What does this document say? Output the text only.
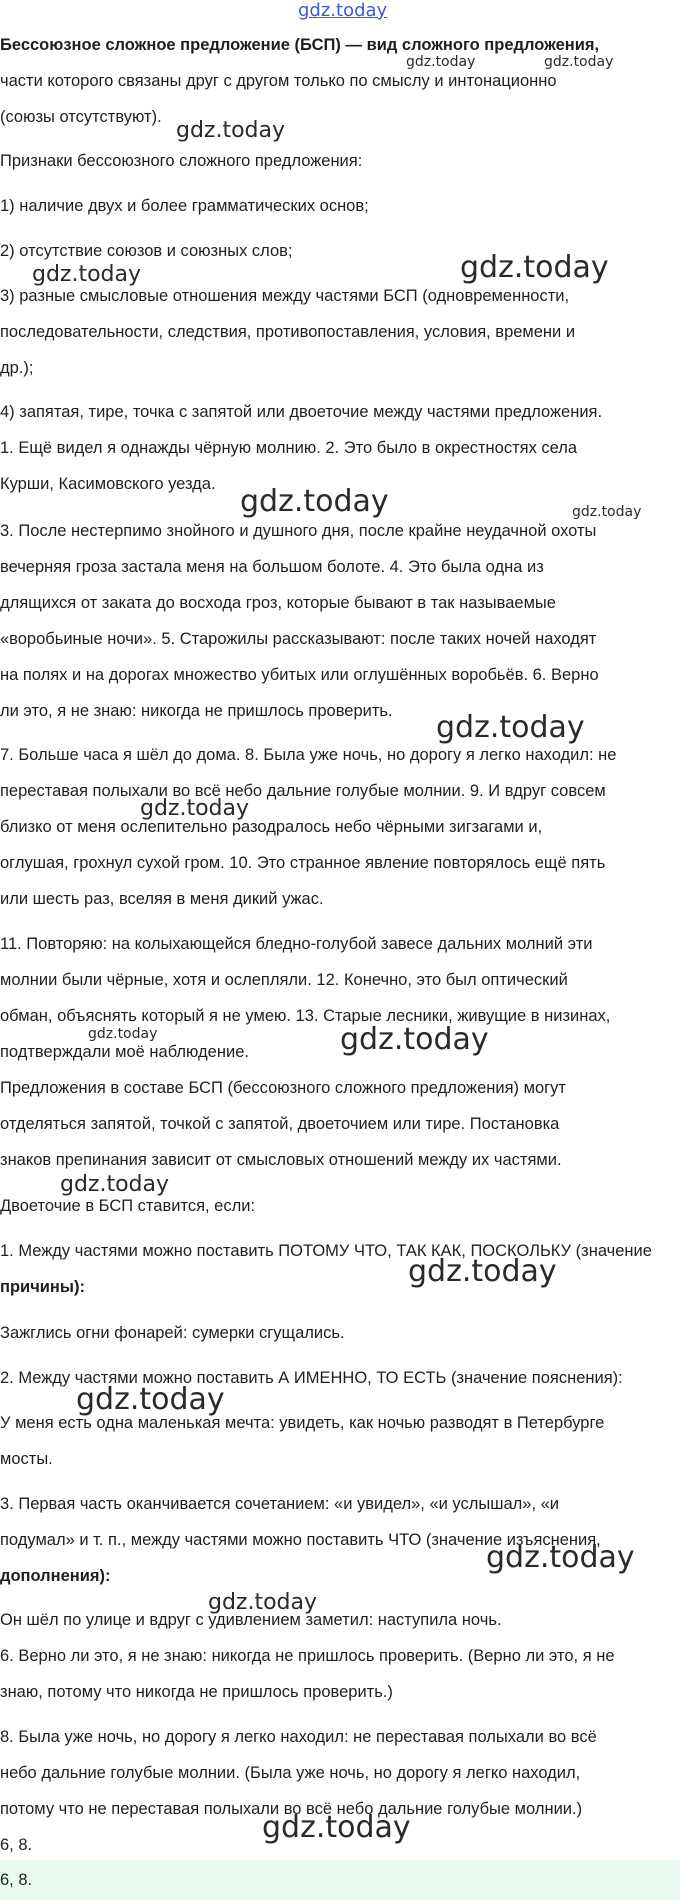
gdz.today
Бессоюзное сложное предложение (БСП) — вид сложного предложения,
части которого связаны друг с другом только по смыслу и интонационно
(союзы отсутствуют).
Признаки бессоюзного сложного предложения:
1) наличие двух и более грамматических основ;
2) отсутствие союзов и союзных слов;
3) разные смысловые отношения между частями БСП (одновременности,
последовательности, следствия, противопоставления, условия, времени и
др.);
4) запятая, тире, точка с запятой или двоеточие между частями предложения.
1. Ещё видел я однажды чёрную молнию. 2. Это было в окрестностях села
Курши, Касимовского уезда.
3. После нестерпимо знойного и душного дня, после крайне неудачной охоты
вечерняя гроза застала меня на большом болоте. 4. Это была одна из
длящихся от заката до восхода гроз, которые бывают в так называемые
«воробьиные ночи». 5. Старожилы рассказывают: после таких ночей находят
на полях и на дорогах множество убитых или оглушённых воробьёв. 6. Верно
ли это, я не знаю: никогда не пришлось проверить.
7. Больше часа я шёл до дома. 8. Была уже ночь, но дорогу я легко находил: не
переставая полыхали во всё небо дальние голубые молнии. 9. И вдруг совсем
близко от меня ослепительно разодралось небо чёрными зигзагами и,
оглушая, грохнул сухой гром. 10. Это странное явление повторялось ещё пять
или шесть раз, вселяя в меня дикий ужас.
11. Повторяю: на колыхающейся бледно-голубой завесе дальних молний эти
молнии были чёрные, хотя и ослепляли. 12. Конечно, это был оптический
обман, объяснять который я не умею. 13. Старые лесники, живущие в низинах,
подтверждали моё наблюдение.
Предложения в составе БСП (бессоюзного сложного предложения) могут
отделяться запятой, точкой с запятой, двоеточием или тире. Постановка
знаков препинания зависит от смысловых отношений между их частями.
Двоеточие в БСП ставится, если:
1. Между частями можно поставить ПОТОМУ ЧТО, ТАК КАК, ПОСКОЛЬКУ (значение
причины):
Зажглись огни фонарей: сумерки сгущались.
2. Между частями можно поставить А ИМЕННО, ТО ЕСТЬ (значение пояснения):
У меня есть одна маленькая мечта: увидеть, как ночью разводят в Петербурге
мосты.
3. Первая часть оканчивается сочетанием: «и увидел», «и услышал», «и
подумал» и т. п., между частями можно поставить ЧТО (значение изъяснения,
дополнения):
Он шёл по улице и вдруг с удивлением заметил: наступила ночь.
6. Верно ли это, я не знаю: никогда не пришлось проверить. (Верно ли это, я не
знаю, потому что никогда не пришлось проверить.)
8. Была уже ночь, но дорогу я легко находил: не переставая полыхали во всё
небо дальние голубые молнии. (Была уже ночь, но дорогу я легко находил,
потому что не переставая полыхали во всё небо дальние голубые молнии.)
6, 8.
6, 8.
gdz.today	gdz.today
gdz.today
gdz.today	gdz.today
gdz.today	gdz.today
gdz.today
gdz.today
gdz.today	gdz.today
gdz.today
gdz.today
gdz.today
gdz.today
gdz.today
gdz.today
